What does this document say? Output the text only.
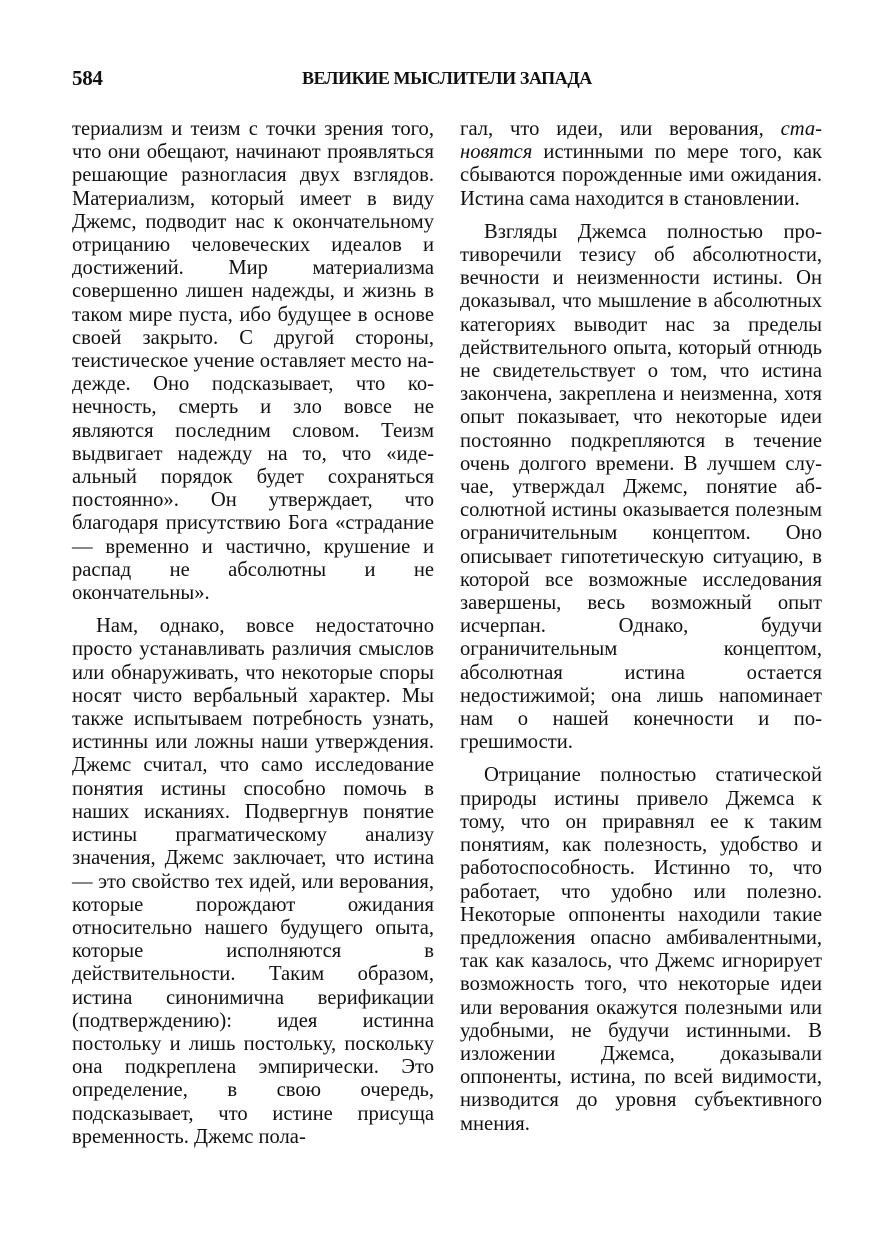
584	ВЕЛИКИЕ МЫСЛИТЕЛИ ЗАПАДА

териализм и теизм с точки зрения того, что они обещают, начинают проявляться решающие разногласия двух взглядов. Материализм, который имеет в виду Джемс, подводит нас к окончательному отрицанию человеческих идеалов и достижений. Мир материализма совершенно лишен надежды, и жизнь в таком мире пуста, ибо будущее в основе своей закрыто. С другой стороны, теистическое учение оставляет место надежде. Оно подсказывает, что конечность, смерть и зло вовсе не являются последним словом. Теизм выдвигает надежду на то, что «идеальный порядок будет сохраняться постоянно». Он утверждает, что благодаря присутствию Бога «страдание — временно и частично, крушение и распад не абсолютны и не окончательны».

Нам, однако, вовсе недостаточно просто устанавливать различия смыслов или обнаруживать, что некоторые споры носят чисто вербальный характер. Мы также испытываем потребность узнать, истинны или ложны наши утверждения. Джемс считал, что само исследование понятия истины способно помочь в наших исканиях. Подвергнув понятие истины прагматическому анализу значения, Джемс заключает, что истина — это свойство тех идей, или верования, которые порождают ожидания относительно нашего будущего опыта, которые исполняются в действительности. Таким образом, истина синонимична верификации (подтверждению): идея истинна постольку и лишь постольку, поскольку она подкреплена эмпирически. Это определение, в свою очередь, подсказывает, что истине присуща временность. Джемс пола-

гал, что идеи, или верования, становятся истинными по мере того, как сбываются порожденные ими ожидания. Истина сама находится в становлении.

Взгляды Джемса полностью противоречили тезису об абсолютности, вечности и неизменности истины. Он доказывал, что мышление в абсолютных категориях выводит нас за пределы действительного опыта, который отнюдь не свидетельствует о том, что истина закончена, закреплена и неизменна, хотя опыт показывает, что некоторые идеи постоянно подкрепляются в течение очень долгого времени. В лучшем случае, утверждал Джемс, понятие абсолютной истины оказывается полезным ограничительным концептом. Оно описывает гипотетическую ситуацию, в которой все возможные исследования завершены, весь возможный опыт исчерпан. Однако, будучи ограничительным концептом, абсолютная истина остается недостижимой; она лишь напоминает нам о нашей конечности и погрешимости.

Отрицание полностью статической природы истины привело Джемса к тому, что он приравнял ее к таким понятиям, как полезность, удобство и работоспособность. Истинно то, что работает, что удобно или полезно. Некоторые оппоненты находили такие предложения опасно амбивалентными, так как казалось, что Джемс игнорирует возможность того, что некоторые идеи или верования окажутся полезными или удобными, не будучи истинными. В изложении Джемса, доказывали оппоненты, истина, по всей видимости, низводится до уровня субъективного мнения.
